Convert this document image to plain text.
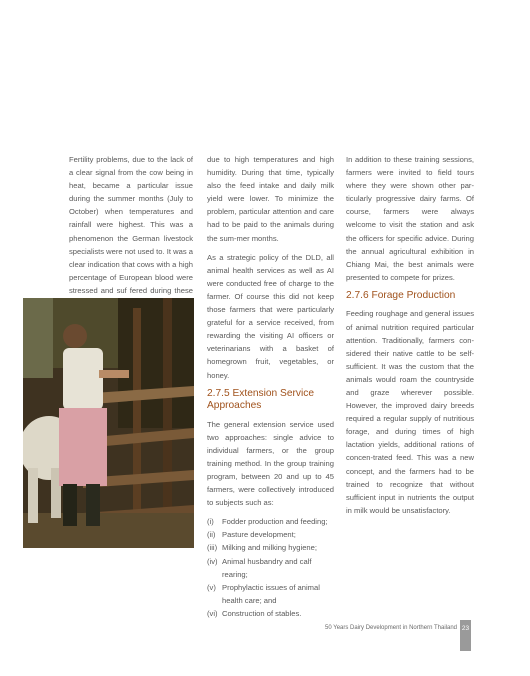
Fertility problems, due to the lack of a clear signal from the cow being in heat, became a particular issue during the summer months (July to October) when temperatures and rainfall were highest. This was a phenomenon the German livestock specialists were not used to. It was a clear indication that cows with a high percentage of European blood were stressed and suf fered during these

due to high temperatures and high humidity. During that time, typically also the feed intake and daily milk yield were lower. To minimize the problem, particular attention and care had to be paid to the animals during the sum-mer months.

As a strategic policy of the DLD, all animal health services as well as AI were conducted free of charge to the farmer. Of course this did not keep those farmers that were particularly grateful for a service received, from rewarding the visiting AI officers or veterinarians with a basket of homegrown fruit, vegetables, or honey.

2.7.5 Extension Service Approaches

The general extension service used two approaches: single advice to individual farmers, or the group training method. In the group training program, between 20 and up to 45 farmers, were collectively introduced to subjects such as:

(i)	Fodder production and feeding;
(ii) Pasture development;
(iii) Milking and milking hygiene;
(iv) Animal husbandry and calf rearing;
(v) Prophylactic issues of animal health care; and
(vi) Construction of stables.

In addition to these training sessions, farmers were invited to field tours where they were shown other par-ticularly progressive dairy farms. Of course, farmers were always welcome to visit the station and ask the officers for specific advice. During the annual agricultural exhibition in Chiang Mai, the best animals were presented to compete for prizes.

2.7.6 Forage Production

Feeding roughage and general issues of animal nutrition required particular attention. Traditionally, farmers con-sidered their native cattle to be self-sufficient. It was the custom that the animals would roam the countryside and graze wherever possible. However, the improved dairy breeds required a regular supply of nutritious forage, and during times of high lactation yields, additional rations of concen-trated feed. This was a new concept, and the farmers had to be trained to recognize that without sufficient input in nutrients the output in milk would be unsatisfactory.

50 Years Dairy Development in Northern Thailand 23
